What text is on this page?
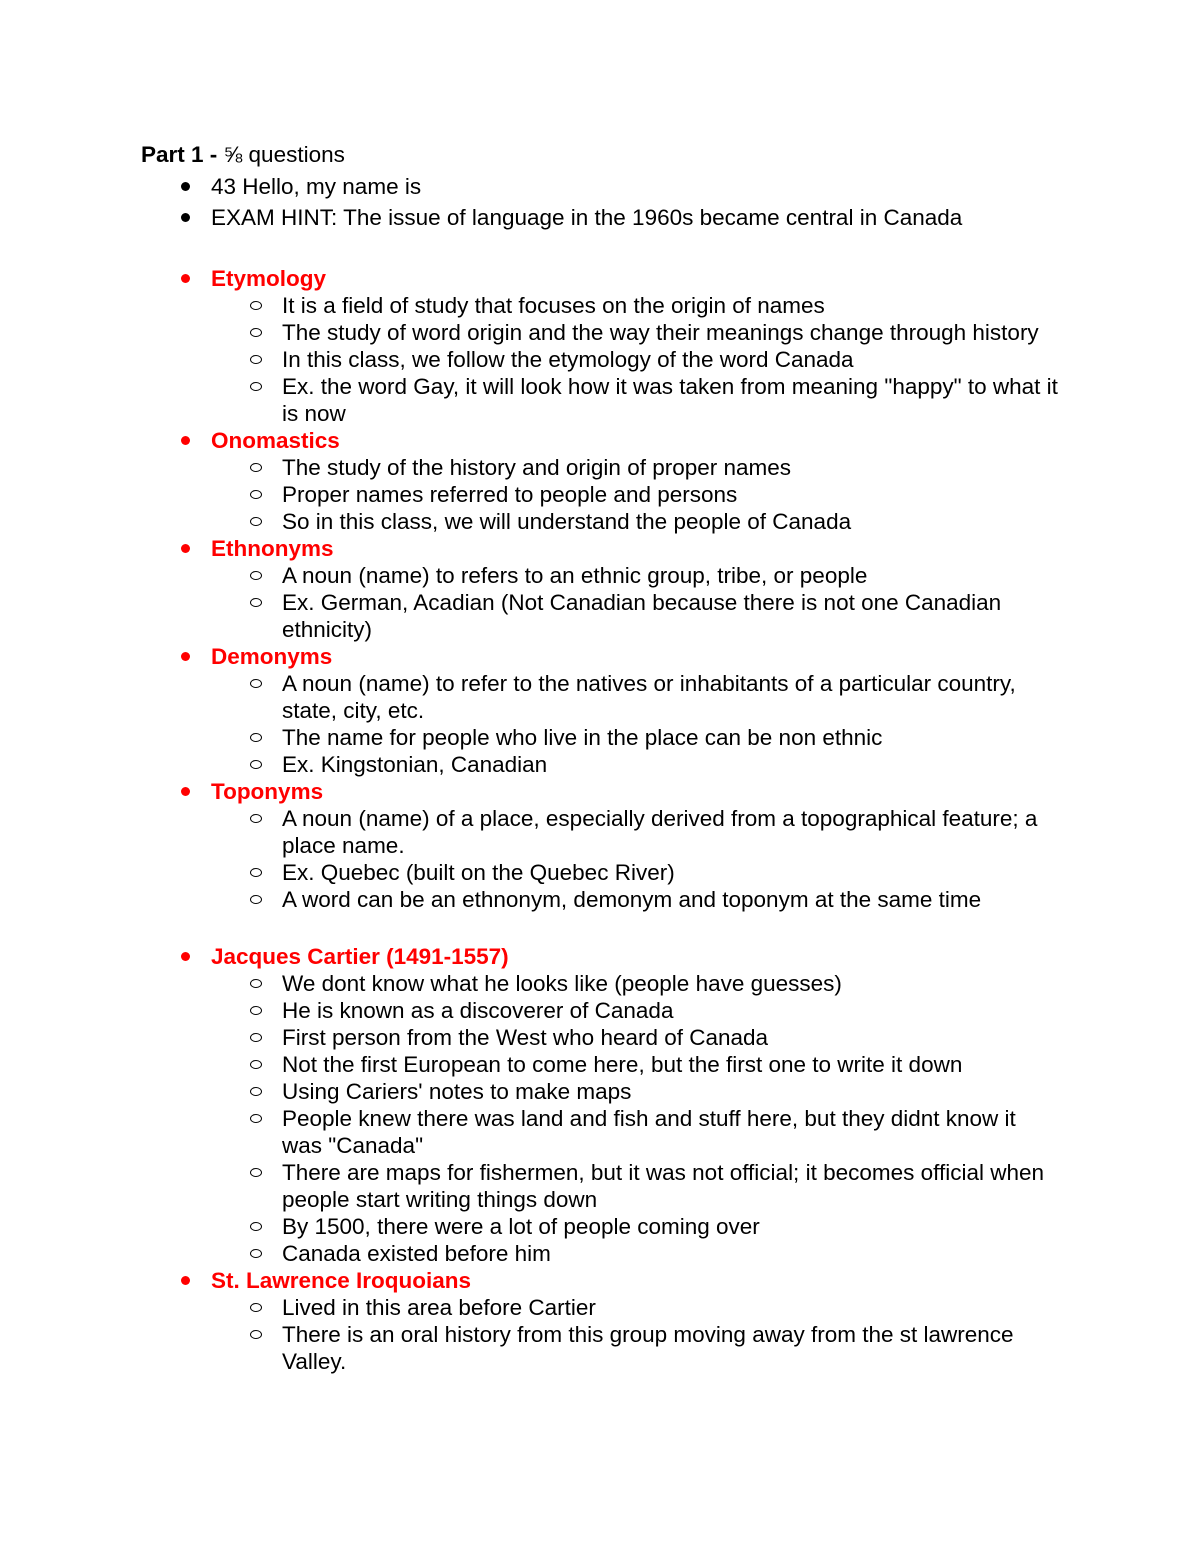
Part 1 - ⅝ questions

43 Hello, my name is
EXAM HINT: The issue of language in the 1960s became central in Canada
Etymology
It is a field of study that focuses on the origin of names
The study of word origin and the way their meanings change through history
In this class, we follow the etymology of the word Canada
Ex. the word Gay, it will look how it was taken from meaning "happy" to what it is now
Onomastics
The study of the history and origin of proper names
Proper names referred to people and persons
So in this class, we will understand the people of Canada
Ethnonyms
A noun (name) to refers to an ethnic group, tribe, or people
Ex. German, Acadian (Not Canadian because there is not one Canadian ethnicity)
Demonyms
A noun (name) to refer to the natives or inhabitants of a particular country, state, city, etc.
The name for people who live in the place can be non ethnic
Ex. Kingstonian, Canadian
Toponyms
A noun (name) of a place, especially derived from a topographical feature; a place name.
Ex. Quebec (built on the Quebec River)
A word can be an ethnonym, demonym and toponym at the same time
Jacques Cartier (1491-1557)
We dont know what he looks like (people have guesses)
He is known as a discoverer of Canada
First person from the West who heard of Canada
Not the first European to come here, but the first one to write it down
Using Cariers' notes to make maps
People knew there was land and fish and stuff here, but they didnt know it was "Canada"
There are maps for fishermen, but it was not official; it becomes official when people start writing things down
By 1500, there were a lot of people coming over
Canada existed before him
St. Lawrence Iroquoians
Lived in this area before Cartier
There is an oral history from this group moving away from the st lawrence Valley.
